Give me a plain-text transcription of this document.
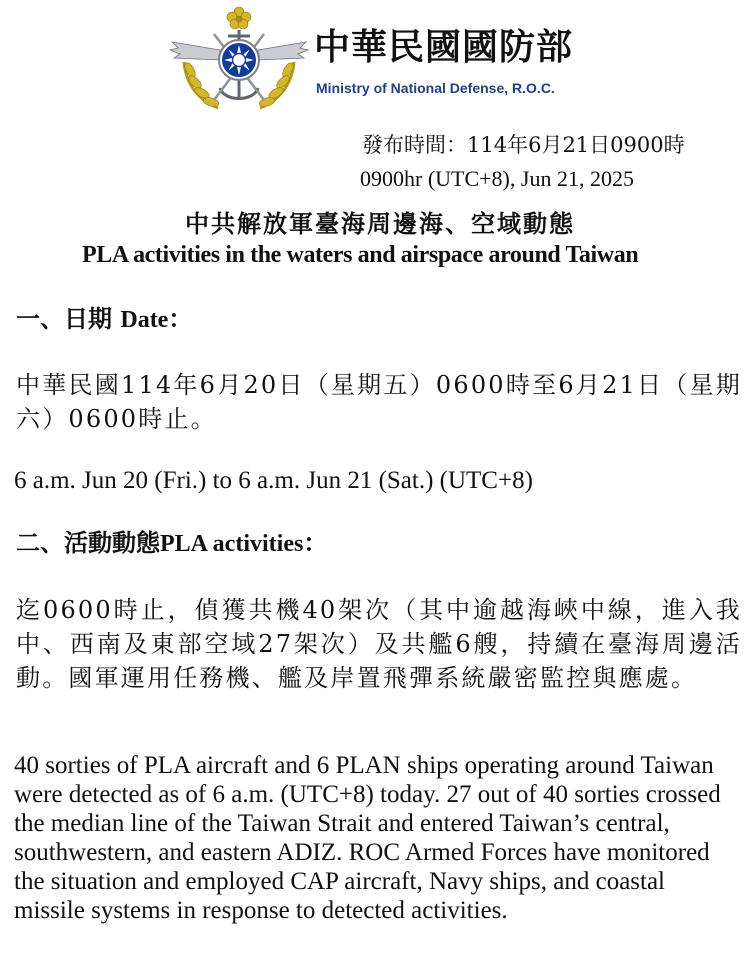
中華民國國防部
Ministry of National Defense, R.O.C.
發布時間：114年6月21日0900時
0900hr (UTC+8), Jun 21, 2025
中共解放軍臺海周邊海、空域動態
PLA activities in the waters and airspace around Taiwan
一、日期 Date：
中華民國114年6月20日（星期五）0600時至6月21日（星期六）0600時止。
6 a.m. Jun 20 (Fri.) to 6 a.m. Jun 21 (Sat.) (UTC+8)
二、活動動態PLA activities：
迄0600時止，偵獲共機40架次（其中逾越海峽中線，進入我中、西南及東部空域27架次）及共艦6艘，持續在臺海周邊活動。國軍運用任務機、艦及岸置飛彈系統嚴密監控與應處。
40 sorties of PLA aircraft and 6 PLAN ships operating around Taiwan were detected as of 6 a.m. (UTC+8) today. 27 out of 40 sorties crossed the median line of the Taiwan Strait and entered Taiwan’s central, southwestern, and eastern ADIZ. ROC Armed Forces have monitored the situation and employed CAP aircraft, Navy ships, and coastal missile systems in response to detected activities.
